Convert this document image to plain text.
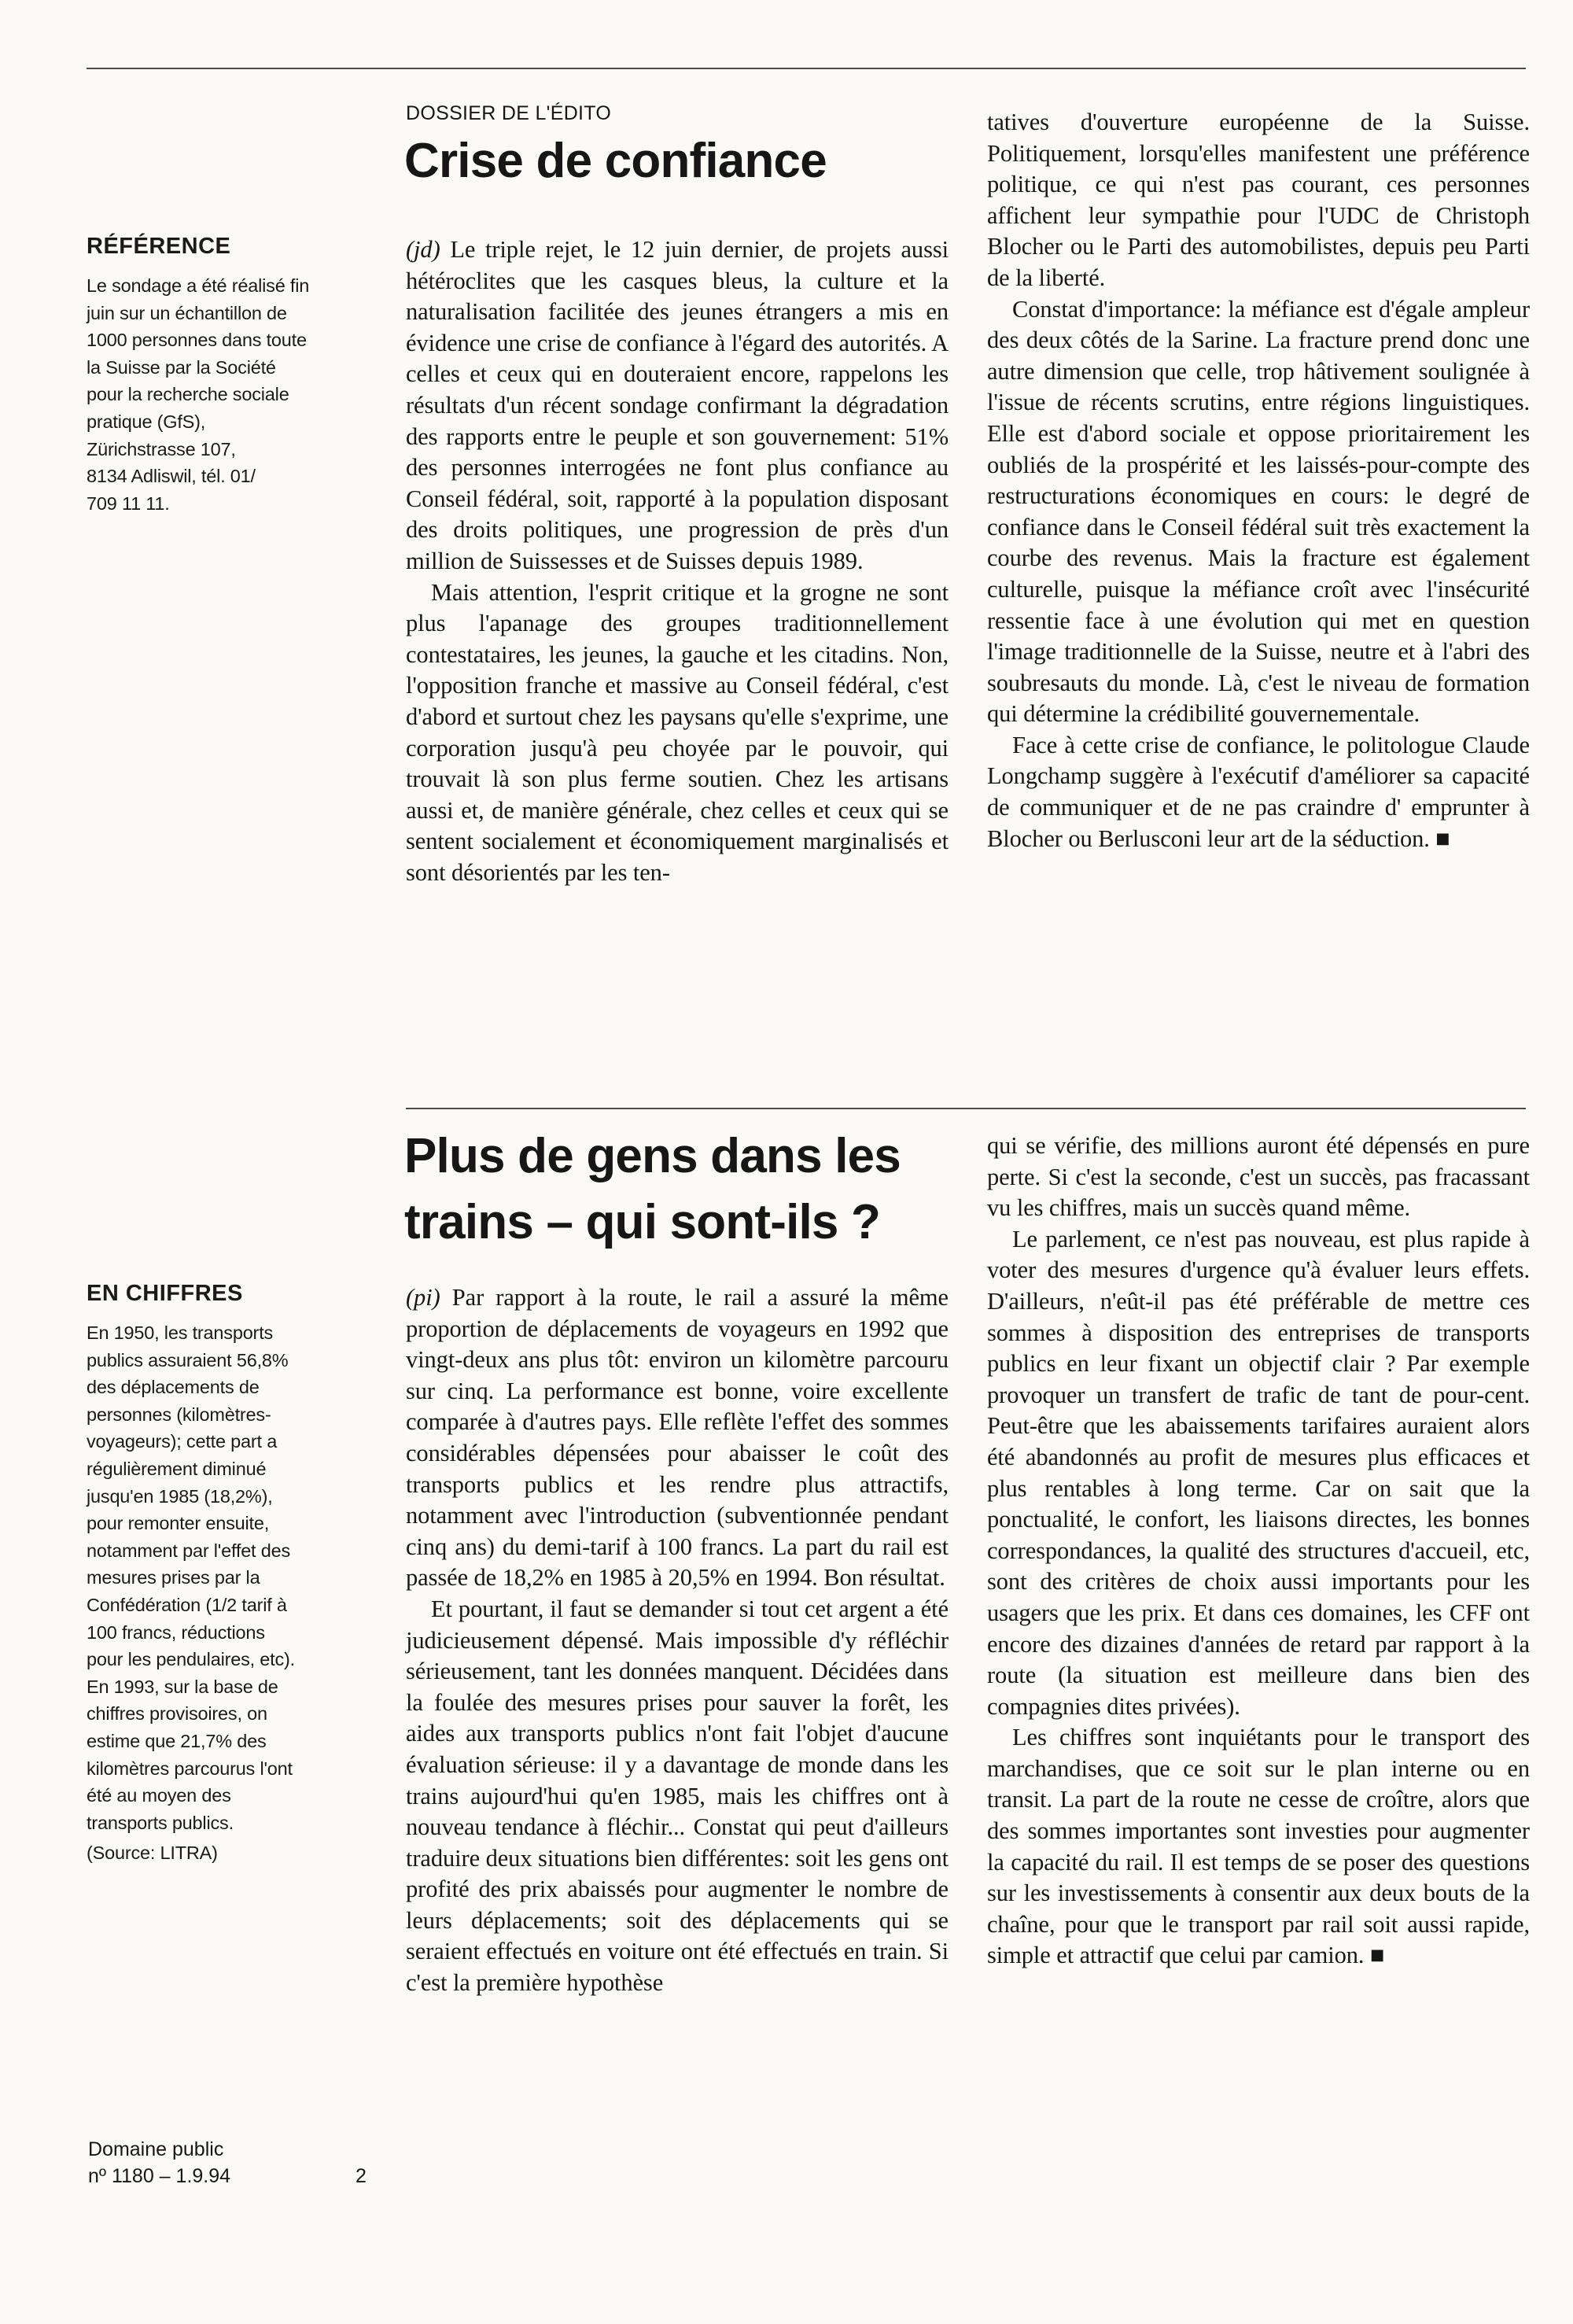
RÉFÉRENCE
Le sondage a été réalisé fin
juin sur un échantillon de
1000 personnes dans toute
la Suisse par la Société
pour la recherche sociale
pratique (GfS),
Zürichstrasse 107,
8134 Adliswil, tél. 01/
709 11 11.
DOSSIER DE L'ÉDITO
Crise de confiance

(jd) Le triple rejet, le 12 juin dernier, de projets aussi hétéroclites que les casques bleus, la culture et la naturalisation facilitée des jeunes étrangers a mis en évidence une crise de confiance à l'égard des autorités. A celles et ceux qui en douteraient encore, rappelons les résultats d'un récent sondage confirmant la dégradation des rapports entre le peuple et son gouvernement: 51% des personnes interrogées ne font plus confiance au Conseil fédéral, soit, rapporté à la population disposant des droits politiques, une progression de près d'un million de Suissesses et de Suisses depuis 1989.

Mais attention, l'esprit critique et la grogne ne sont plus l'apanage des groupes traditionnellement contestataires, les jeunes, la gauche et les citadins. Non, l'opposition franche et massive au Conseil fédéral, c'est d'abord et surtout chez les paysans qu'elle s'exprime, une corporation jusqu'à peu choyée par le pouvoir, qui trouvait là son plus ferme soutien. Chez les artisans aussi et, de manière générale, chez celles et ceux qui se sentent socialement et économiquement marginalisés et sont désorientés par les ten-

tatives d'ouverture européenne de la Suisse. Politiquement, lorsqu'elles manifestent une préférence politique, ce qui n'est pas courant, ces personnes affichent leur sympathie pour l'UDC de Christoph Blocher ou le Parti des automobilistes, depuis peu Parti de la liberté.

Constat d'importance: la méfiance est d'égale ampleur des deux côtés de la Sarine. La fracture prend donc une autre dimension que celle, trop hâtivement soulignée à l'issue de récents scrutins, entre régions linguistiques. Elle est d'abord sociale et oppose prioritairement les oubliés de la prospérité et les laissés-pour-compte des restructurations économiques en cours: le degré de confiance dans le Conseil fédéral suit très exactement la courbe des revenus. Mais la fracture est également culturelle, puisque la méfiance croît avec l'insécurité ressentie face à une évolution qui met en question l'image traditionnelle de la Suisse, neutre et à l'abri des soubresauts du monde. Là, c'est le niveau de formation qui détermine la crédibilité gouvernementale.

Face à cette crise de confiance, le politologue Claude Longchamp suggère à l'exécutif d'améliorer sa capacité de communiquer et de ne pas craindre d' emprunter à Blocher ou Berlusconi leur art de la séduction. ■

EN CHIFFRES
En 1950, les transports
publics assuraient 56,8%
des déplacements de
personnes (kilomètres-
voyageurs); cette part a
régulièrement diminué
jusqu'en 1985 (18,2%),
pour remonter ensuite,
notamment par l'effet des
mesures prises par la
Confédération (1/2 tarif à
100 francs, réductions
pour les pendulaires, etc).
En 1993, sur la base de
chiffres provisoires, on
estime que 21,7% des
kilomètres parcourus l'ont
été au moyen des
transports publics.
(Source: LITRA)
Plus de gens dans les
trains – qui sont-ils ?

(pi) Par rapport à la route, le rail a assuré la même proportion de déplacements de voyageurs en 1992 que vingt-deux ans plus tôt: environ un kilomètre parcouru sur cinq. La performance est bonne, voire excellente comparée à d'autres pays. Elle reflète l'effet des sommes considérables dépensées pour abaisser le coût des transports publics et les rendre plus attractifs, notamment avec l'introduction (subventionnée pendant cinq ans) du demi-tarif à 100 francs. La part du rail est passée de 18,2% en 1985 à 20,5% en 1994. Bon résultat.

Et pourtant, il faut se demander si tout cet argent a été judicieusement dépensé. Mais impossible d'y réfléchir sérieusement, tant les données manquent. Décidées dans la foulée des mesures prises pour sauver la forêt, les aides aux transports publics n'ont fait l'objet d'aucune évaluation sérieuse: il y a davantage de monde dans les trains aujourd'hui qu'en 1985, mais les chiffres ont à nouveau tendance à fléchir... Constat qui peut d'ailleurs traduire deux situations bien différentes: soit les gens ont profité des prix abaissés pour augmenter le nombre de leurs déplacements; soit des déplacements qui se seraient effectués en voiture ont été effectués en train. Si c'est la première hypothèse

qui se vérifie, des millions auront été dépensés en pure perte. Si c'est la seconde, c'est un succès, pas fracassant vu les chiffres, mais un succès quand même.

Le parlement, ce n'est pas nouveau, est plus rapide à voter des mesures d'urgence qu'à évaluer leurs effets. D'ailleurs, n'eût-il pas été préférable de mettre ces sommes à disposition des entreprises de transports publics en leur fixant un objectif clair ? Par exemple provoquer un transfert de trafic de tant de pour-cent. Peut-être que les abaissements tarifaires auraient alors été abandonnés au profit de mesures plus efficaces et plus rentables à long terme. Car on sait que la ponctualité, le confort, les liaisons directes, les bonnes correspondances, la qualité des structures d'accueil, etc, sont des critères de choix aussi importants pour les usagers que les prix. Et dans ces domaines, les CFF ont encore des dizaines d'années de retard par rapport à la route (la situation est meilleure dans bien des compagnies dites privées).

Les chiffres sont inquiétants pour le transport des marchandises, que ce soit sur le plan interne ou en transit. La part de la route ne cesse de croître, alors que des sommes importantes sont investies pour augmenter la capacité du rail. Il est temps de se poser des questions sur les investissements à consentir aux deux bouts de la chaîne, pour que le transport par rail soit aussi rapide, simple et attractif que celui par camion. ■

Domaine public
nº 1180 – 1.9.94	2
